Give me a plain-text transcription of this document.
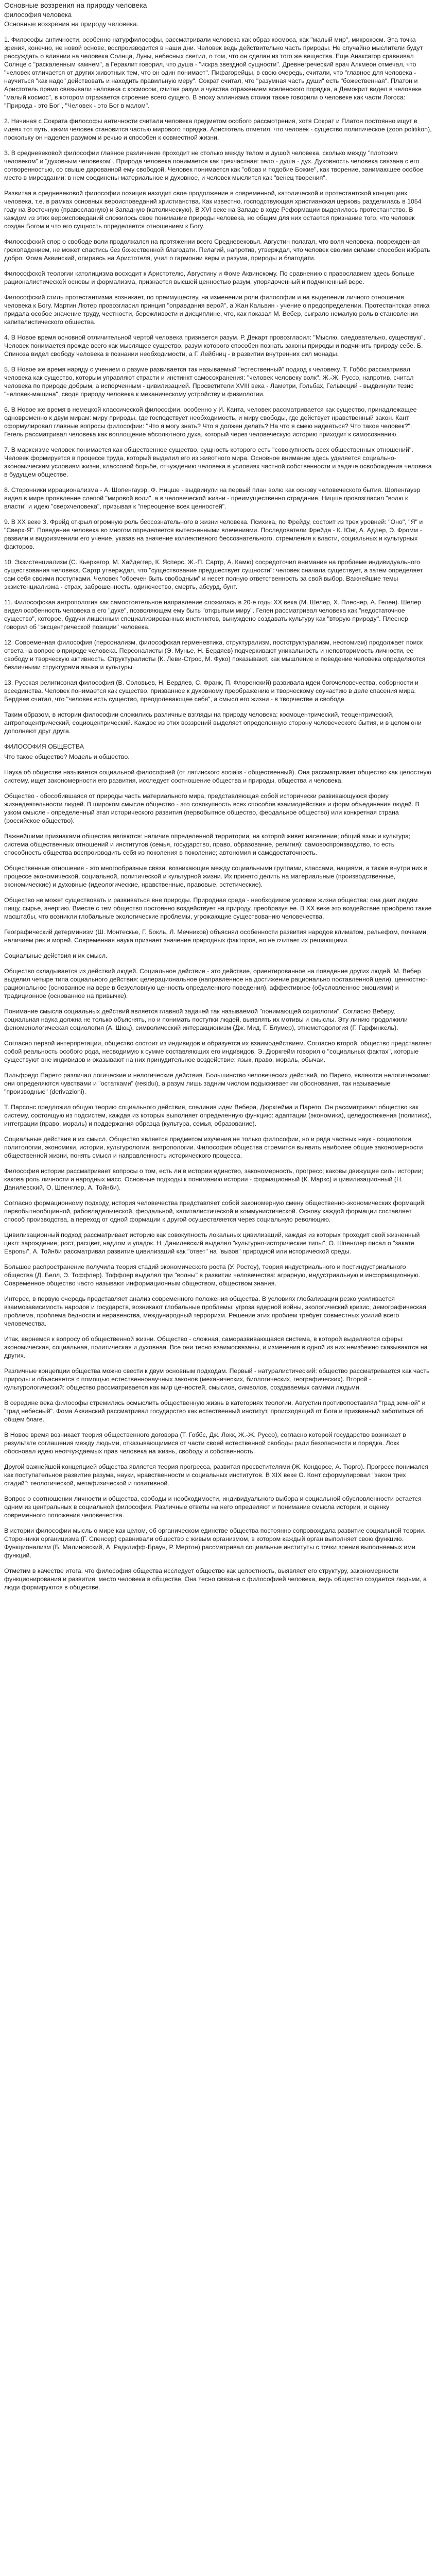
Основные воззрения на природу человека
философия человека
Основные воззрения на природу человека.

1. Философы античности, особенно натурфилософы, рассматривали человека как образ космоса, как "малый мир", микрокосм. Эта точка зрения, конечно, не новой основе, воспроизводится в наши дни. Человек ведь действительно часть природы. Не случайно мыслители будут рассуждать о влиянии на человека Солнца, Луны, небесных светил, о том, что он сделан из того же вещества. Еще Анаксагор сравнивал Солнце с "раскаленным камнем", а Гераклит говорил, что душа - "искра звездной сущности". Древнегреческий врач Алкмеон отмечал, что "человек отличается от других животных тем, что он один понимает". Пифагорейцы, в свою очередь, считали, что "главное для человека - научиться "как надо" действовать и находить правильную меру". Сократ считал, что "разумная часть души" есть "божественная". Платон и Аристотель прямо связывали человека с космосом, считая разум и чувства отражением вселенского порядка, а Демокрит видел в человеке "малый космос", в котором отражается строение всего сущего. В эпоху эллинизма стоики также говорили о человеке как части Логоса: "Природа - это Бог", "Человек - это Бог в малом".

2. Начиная с Сократа философы античности считали человека предметом особого рассмотрения, хотя Сократ и Платон постоянно ищут в идеях тот путь, каким человек становится частью мирового порядка. Аристотель отметил, что человек - существо политическое (zoon politikon), поскольку он наделен разумом и речью и способен к совместной жизни.

3. В средневековой философии главное различение проходит не столько между телом и душой человека, сколько между "плотским человеком" и "духовным человеком". Природа человека понимается как трехчастная: тело - душа - дух. Духовность человека связана с его сотворенностью, со свыше дарованной ему свободой. Человек понимается как "образ и подобие Божие", как творение, занимающее особое место в мироздании: в нем соединены материальное и духовное, и человек мыслится как "венец творения".

Развитая в средневековой философии позиция находит свое продолжение в современной, католической и протестантской концепциях человека, т.е. в рамках основных вероисповеданий христианства. Как известно, господствующая христианская церковь разделилась в 1054 году на Восточную (православную) и Западную (католическую). В XVI веке на Западе в ходе Реформации выделилось протестантство. В каждом из этих вероисповеданий сложилось свое понимание природы человека, но общим для них остается признание того, что человек создан Богом и что его сущность определяется отношением к Богу.

Философский спор о свободе воли продолжался на протяжении всего Средневековья. Августин полагал, что воля человека, поврежденная грехопадением, не может спастись без божественной благодати. Пелагий, напротив, утверждал, что человек своими силами способен избрать добро. Фома Аквинский, опираясь на Аристотеля, учил о гармонии веры и разума, природы и благодати.

Философской теологии католицизма восходит к Аристотелю, Августину и Фоме Аквинскому. По сравнению с православием здесь больше рационалистической основы и формализма, признается высшей ценностью разум, упорядоченный и подчиненный вере.

Философский стиль протестантизма возникает, по преимуществу, на изменении роли философии и на выделении личного отношения человека к Богу. Мартин Лютер провозгласил принцип "оправдания верой", а Жан Кальвин - учение о предопределении. Протестантская этика придала особое значение труду, честности, бережливости и дисциплине, что, как показал М. Вебер, сыграло немалую роль в становлении капиталистического общества.

4. В Новое время основной отличительной чертой человека признается разум. Р. Декарт провозгласил: "Мыслю, следовательно, существую". Человек понимается прежде всего как мыслящее существо, разум которого способен познать законы природы и подчинить природу себе. Б. Спиноза видел свободу человека в познании необходимости, а Г. Лейбниц - в развитии внутренних сил монады.

5. В Новое же время наряду с учением о разуме развивается так называемый "естественный" подход к человеку. Т. Гоббс рассматривал человека как существо, которым управляют страсти и инстинкт самосохранения: "человек человеку волк". Ж.-Ж. Руссо, напротив, считал человека по природе добрым, а испорченным - цивилизацией. Просветители XVIII века - Ламетри, Гольбах, Гельвеций - выдвинули тезис "человек-машина", сводя природу человека к механическому устройству и физиологии.

6. В Новое же время в немецкой классической философии, особенно у И. Канта, человек рассматривается как существо, принадлежащее одновременно к двум мирам: миру природы, где господствует необходимость, и миру свободы, где действует нравственный закон. Кант сформулировал главные вопросы философии: "Что я могу знать? Что я должен делать? На что я смею надеяться? Что такое человек?". Гегель рассматривал человека как воплощение абсолютного духа, который через человеческую историю приходит к самосознанию.

7. В марксизме человек понимается как общественное существо, сущность которого есть "совокупность всех общественных отношений". Человек формируется в процессе труда, который выделил его из животного мира. Основное внимание здесь уделяется социально-экономическим условиям жизни, классовой борьбе, отчуждению человека в условиях частной собственности и задаче освобождения человека в будущем обществе.

8. Сторонники иррационализма - А. Шопенгауэр, Ф. Ницше - выдвинули на первый план волю как основу человеческого бытия. Шопенгауэр видел в мире проявление слепой "мировой воли", а в человеческой жизни - преимущественно страдание. Ницше провозгласил "волю к власти" и идею "сверхчеловека", призывая к "переоценке всех ценностей".

9. В XX веке З. Фрейд открыл огромную роль бессознательного в жизни человека. Психика, по Фрейду, состоит из трех уровней: "Оно", "Я" и "Сверх-Я". Поведение человека во многом определяется вытесненными влечениями. Последователи Фрейда - К. Юнг, А. Адлер, Э. Фромм - развили и видоизменили его учение, указав на значение коллективного бессознательного, стремления к власти, социальных и культурных факторов.

10. Экзистенциализм (С. Кьеркегор, М. Хайдеггер, К. Ясперс, Ж.-П. Сартр, А. Камю) сосредоточил внимание на проблеме индивидуального существования человека. Сартр утверждал, что "существование предшествует сущности": человек сначала существует, а затем определяет сам себя своими поступками. Человек "обречен быть свободным" и несет полную ответственность за свой выбор. Важнейшие темы экзистенциализма - страх, заброшенность, одиночество, смерть, абсурд, бунт.

11. Философская антропология как самостоятельное направление сложилась в 20-е годы XX века (М. Шелер, Х. Плеснер, А. Гелен). Шелер видел особенность человека в его "духе", позволяющем ему быть "открытым миру". Гелен рассматривал человека как "недостаточное существо", которое, будучи лишенным специализированных инстинктов, вынуждено создавать культуру как "вторую природу". Плеснер говорил об "эксцентрической позиции" человека.

12. Современная философия (персонализм, философская герменевтика, структурализм, постструктурализм, неотомизм) продолжает поиск ответа на вопрос о природе человека. Персоналисты (Э. Мунье, Н. Бердяев) подчеркивают уникальность и неповторимость личности, ее свободу и творческую активность. Структуралисты (К. Леви-Строс, М. Фуко) показывают, как мышление и поведение человека определяются безличными структурами языка и культуры.

13. Русская религиозная философия (В. Соловьев, Н. Бердяев, С. Франк, П. Флоренский) развивала идеи богочеловечества, соборности и всеединства. Человек понимается как существо, призванное к духовному преображению и творческому соучастию в деле спасения мира. Бердяев считал, что "человек есть существо, преодолевающее себя", а смысл его жизни - в творчестве и свободе.

Таким образом, в истории философии сложились различные взгляды на природу человека: космоцентрический, теоцентрический, антропоцентрический, социоцентрический. Каждое из этих воззрений выделяет определенную сторону человеческого бытия, и в целом они дополняют друг друга.

ФИЛОСОФИЯ ОБЩЕСТВА

Что такое общество? Модель и общество.

Наука об обществе называется социальной философией (от латинского socialis - общественный). Она рассматривает общество как целостную систему, ищет закономерности его развития, исследует соотношение общества и природы, общества и человека.

Общество - обособившаяся от природы часть материального мира, представляющая собой исторически развивающуюся форму жизнедеятельности людей. В широком смысле общество - это совокупность всех способов взаимодействия и форм объединения людей. В узком смысле - определенный этап исторического развития (первобытное общество, феодальное общество) или конкретная страна (российское общество).

Важнейшими признаками общества являются: наличие определенной территории, на которой живет население; общий язык и культура; система общественных отношений и институтов (семья, государство, право, образование, религия); самовоспроизводство, то есть способность общества воспроизводить себя из поколения в поколение; автономия и самодостаточность.

Общественные отношения - это многообразные связи, возникающие между социальными группами, классами, нациями, а также внутри них в процессе экономической, социальной, политической и культурной жизни. Их принято делить на материальные (производственные, экономические) и духовные (идеологические, нравственные, правовые, эстетические).

Общество не может существовать и развиваться вне природы. Природная среда - необходимое условие жизни общества: она дает людям пищу, сырье, энергию. Вместе с тем общество постоянно воздействует на природу, преобразуя ее. В XX веке это воздействие приобрело такие масштабы, что возникли глобальные экологические проблемы, угрожающие существованию человечества.

Географический детерминизм (Ш. Монтескье, Г. Бокль, Л. Мечников) объяснял особенности развития народов климатом, рельефом, почвами, наличием рек и морей. Современная наука признает значение природных факторов, но не считает их решающими.

Социальные действия и их смысл.

Общество складывается из действий людей. Социальное действие - это действие, ориентированное на поведение других людей. М. Вебер выделил четыре типа социального действия: целерациональное (направленное на достижение рационально поставленной цели), ценностно-рациональное (основанное на вере в безусловную ценность определенного поведения), аффективное (обусловленное эмоциями) и традиционное (основанное на привычке).

Понимание смысла социальных действий является главной задачей так называемой "понимающей социологии". Согласно Веберу, социальная наука должна не только объяснять, но и понимать поступки людей, выявлять их мотивы и смыслы. Эту линию продолжили феноменологическая социология (А. Шюц), символический интеракционизм (Дж. Мид, Г. Блумер), этнометодология (Г. Гарфинкель).

Согласно первой интерпретации, общество состоит из индивидов и образуется их взаимодействием. Согласно второй, общество представляет собой реальность особого рода, несводимую к сумме составляющих его индивидов. Э. Дюркгейм говорил о "социальных фактах", которые существуют вне индивидов и оказывают на них принудительное воздействие: язык, право, мораль, обычаи.

Вильфредо Парето различал логические и нелогические действия. Большинство человеческих действий, по Парето, являются нелогическими: они определяются чувствами и "остатками" (residui), а разум лишь задним числом подыскивает им обоснования, так называемые "производные" (derivazioni).

Т. Парсонс предложил общую теорию социального действия, соединив идеи Вебера, Дюркгейма и Парето. Он рассматривал общество как систему, состоящую из подсистем, каждая из которых выполняет определенную функцию: адаптации (экономика), целедостижения (политика), интеграции (право, мораль) и поддержания образца (культура, семья, образование).

Социальные действия и их смысл. Общество является предметом изучения не только философии, но и ряда частных наук - социологии, политологии, экономики, истории, культурологии, антропологии. Философия общества стремится выявить наиболее общие закономерности общественной жизни, понять смысл и направленность исторического процесса.

Философия истории рассматривает вопросы о том, есть ли в истории единство, закономерность, прогресс; каковы движущие силы истории; какова роль личности и народных масс. Основные подходы к пониманию истории - формационный (К. Маркс) и цивилизационный (Н. Данилевский, О. Шпенглер, А. Тойнби).

Согласно формационному подходу, история человечества представляет собой закономерную смену общественно-экономических формаций: первобытнообщинной, рабовладельческой, феодальной, капиталистической и коммунистической. Основу каждой формации составляет способ производства, а переход от одной формации к другой осуществляется через социальную революцию.

Цивилизационный подход рассматривает историю как совокупность локальных цивилизаций, каждая из которых проходит свой жизненный цикл: зарождение, рост, расцвет, надлом и упадок. Н. Данилевский выделял "культурно-исторические типы", О. Шпенглер писал о "закате Европы", А. Тойнби рассматривал развитие цивилизаций как "ответ" на "вызов" природной или исторической среды.

Большое распространение получила теория стадий экономического роста (У. Ростоу), теория индустриального и постиндустриального общества (Д. Белл, Э. Тоффлер). Тоффлер выделял три "волны" в развитии человечества: аграрную, индустриальную и информационную. Современное общество часто называют информационным обществом, обществом знания.

Интерес, в первую очередь представляет анализ современного положения общества. В условиях глобализации резко усиливается взаимозависимость народов и государств, возникают глобальные проблемы: угроза ядерной войны, экологический кризис, демографическая проблема, проблема бедности и неравенства, международный терроризм. Решение этих проблем требует совместных усилий всего человечества.

Итак, вернемся к вопросу об общественной жизни. Общество - сложная, саморазвивающаяся система, в которой выделяются сферы: экономическая, социальная, политическая и духовная. Все они тесно взаимосвязаны, и изменения в одной из них неизбежно сказываются на других.

Различные концепции общества можно свести к двум основным подходам. Первый - натуралистический: общество рассматривается как часть природы и объясняется с помощью естественнонаучных законов (механических, биологических, географических). Второй - культурологический: общество рассматривается как мир ценностей, смыслов, символов, создаваемых самими людьми.

В середине века философы стремились осмыслить общественную жизнь в категориях теологии. Августин противопоставлял "град земной" и "град небесный". Фома Аквинский рассматривал государство как естественный институт, происходящий от Бога и призванный заботиться об общем благе.

В Новое время возникает теория общественного договора (Т. Гоббс, Дж. Локк, Ж.-Ж. Руссо), согласно которой государство возникает в результате соглашения между людьми, отказывающимися от части своей естественной свободы ради безопасности и порядка. Локк обосновал идею неотчуждаемых прав человека на жизнь, свободу и собственность.

Другой важнейшей концепцией общества является теория прогресса, развитая просветителями (Ж. Кондорсе, А. Тюрго). Прогресс понимался как поступательное развитие разума, науки, нравственности и социальных институтов. В XIX веке О. Конт сформулировал "закон трех стадий": теологической, метафизической и позитивной.

Вопрос о соотношении личности и общества, свободы и необходимости, индивидуального выбора и социальной обусловленности остается одним из центральных в социальной философии. Различные ответы на него определяют и понимание смысла истории, и оценку современного положения человечества.

В истории философии мысль о мире как целом, об органическом единстве общества постоянно сопровождала развитие социальной теории. Сторонники органицизма (Г. Спенсер) сравнивали общество с живым организмом, в котором каждый орган выполняет свою функцию. Функционализм (Б. Малиновский, А. Радклифф-Браун, Р. Мертон) рассматривал социальные институты с точки зрения выполняемых ими функций.

Отметим в качестве итога, что философия общества исследует общество как целостность, выявляет его структуру, закономерности функционирования и развития, место человека в обществе. Она тесно связана с философией человека, ведь общество создается людьми, а люди формируются в обществе.
